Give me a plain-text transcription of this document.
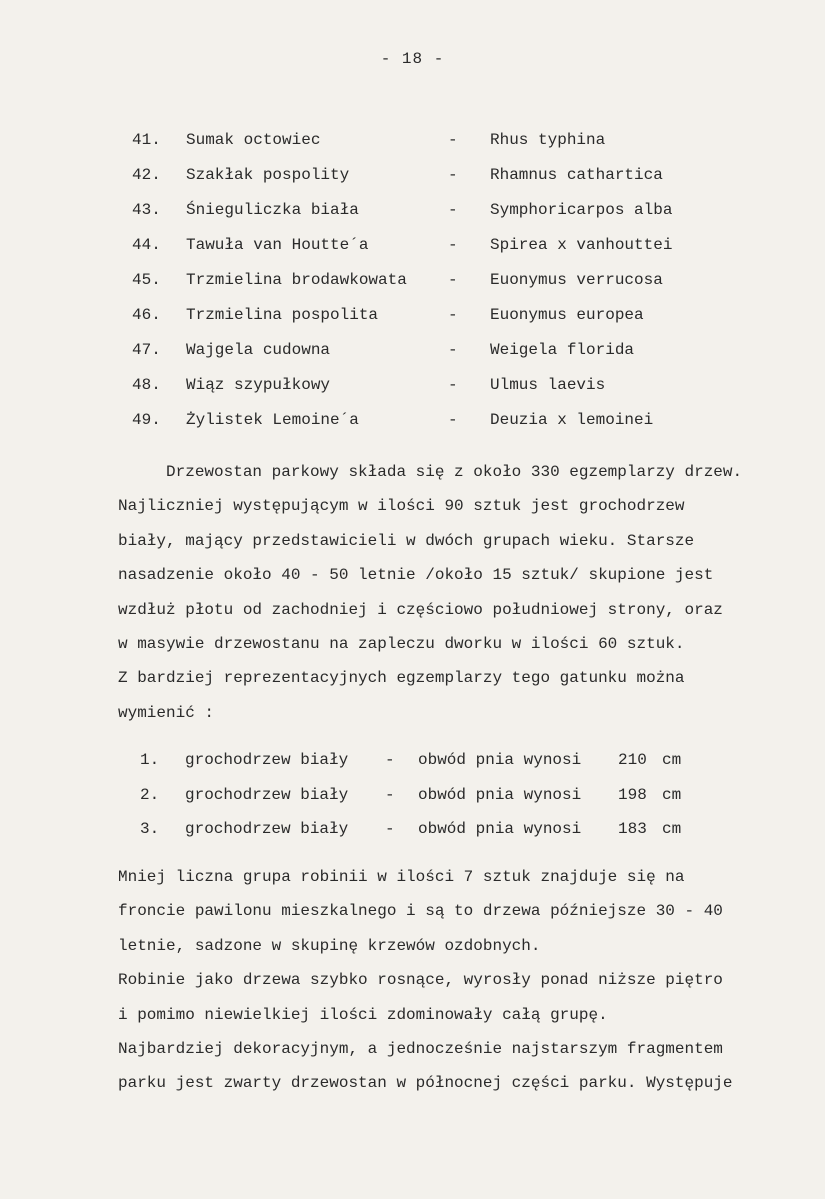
- 18 -
41. Sumak octowiec	- Rhus typhina
42. Szakłak pospolity	- Rhamnus cathartica
43. Śnieguliczka biała	- Symphoricarpos alba
44. Tawuła van Houtte´a	- Spirea x vanhouttei
45. Trzmielina brodawkowata	- Euonymus verrucosa
46. Trzmielina pospolita	- Euonymus europea
47. Wajgela cudowna	- Weigela florida
48. Wiąz szypułkowy	- Ulmus laevis
49. Żylistek Lemoine´a	- Deuzia x lemoinei
Drzewostan parkowy składa się z około 330 egzemplarzy drzew.
Najliczniej występującym w ilości 90 sztuk jest grochodrzew
biały, mający przedstawicieli w dwóch grupach wieku. Starsze
nasadzenie około 40 - 50 letnie /około 15 sztuk/ skupione jest
wzdłuż płotu od zachodniej i częściowo południowej strony, oraz
w masywie drzewostanu na zapleczu dworku w ilości 60 sztuk.
Z bardziej reprezentacyjnych egzemplarzy tego gatunku można
wymienić :
1. grochodrzew biały - obwód pnia wynosi 210 cm
2. grochodrzew biały - obwód pnia wynosi 198 cm
3. grochodrzew biały - obwód pnia wynosi 183 cm
Mniej liczna grupa robinii w ilości 7 sztuk znajduje się na
froncie pawilonu mieszkalnego i są to drzewa późniejsze 30 - 40
letnie, sadzone w skupinę krzewów ozdobnych.
Robinie jako drzewa szybko rosnące, wyrosły ponad niższe piętro
i pomimo niewielkiej ilości zdominowały całą grupę.
Najbardziej dekoracyjnym, a jednocześnie najstarszym fragmentem
parku jest zwarty drzewostan w północnej części parku. Występuje
